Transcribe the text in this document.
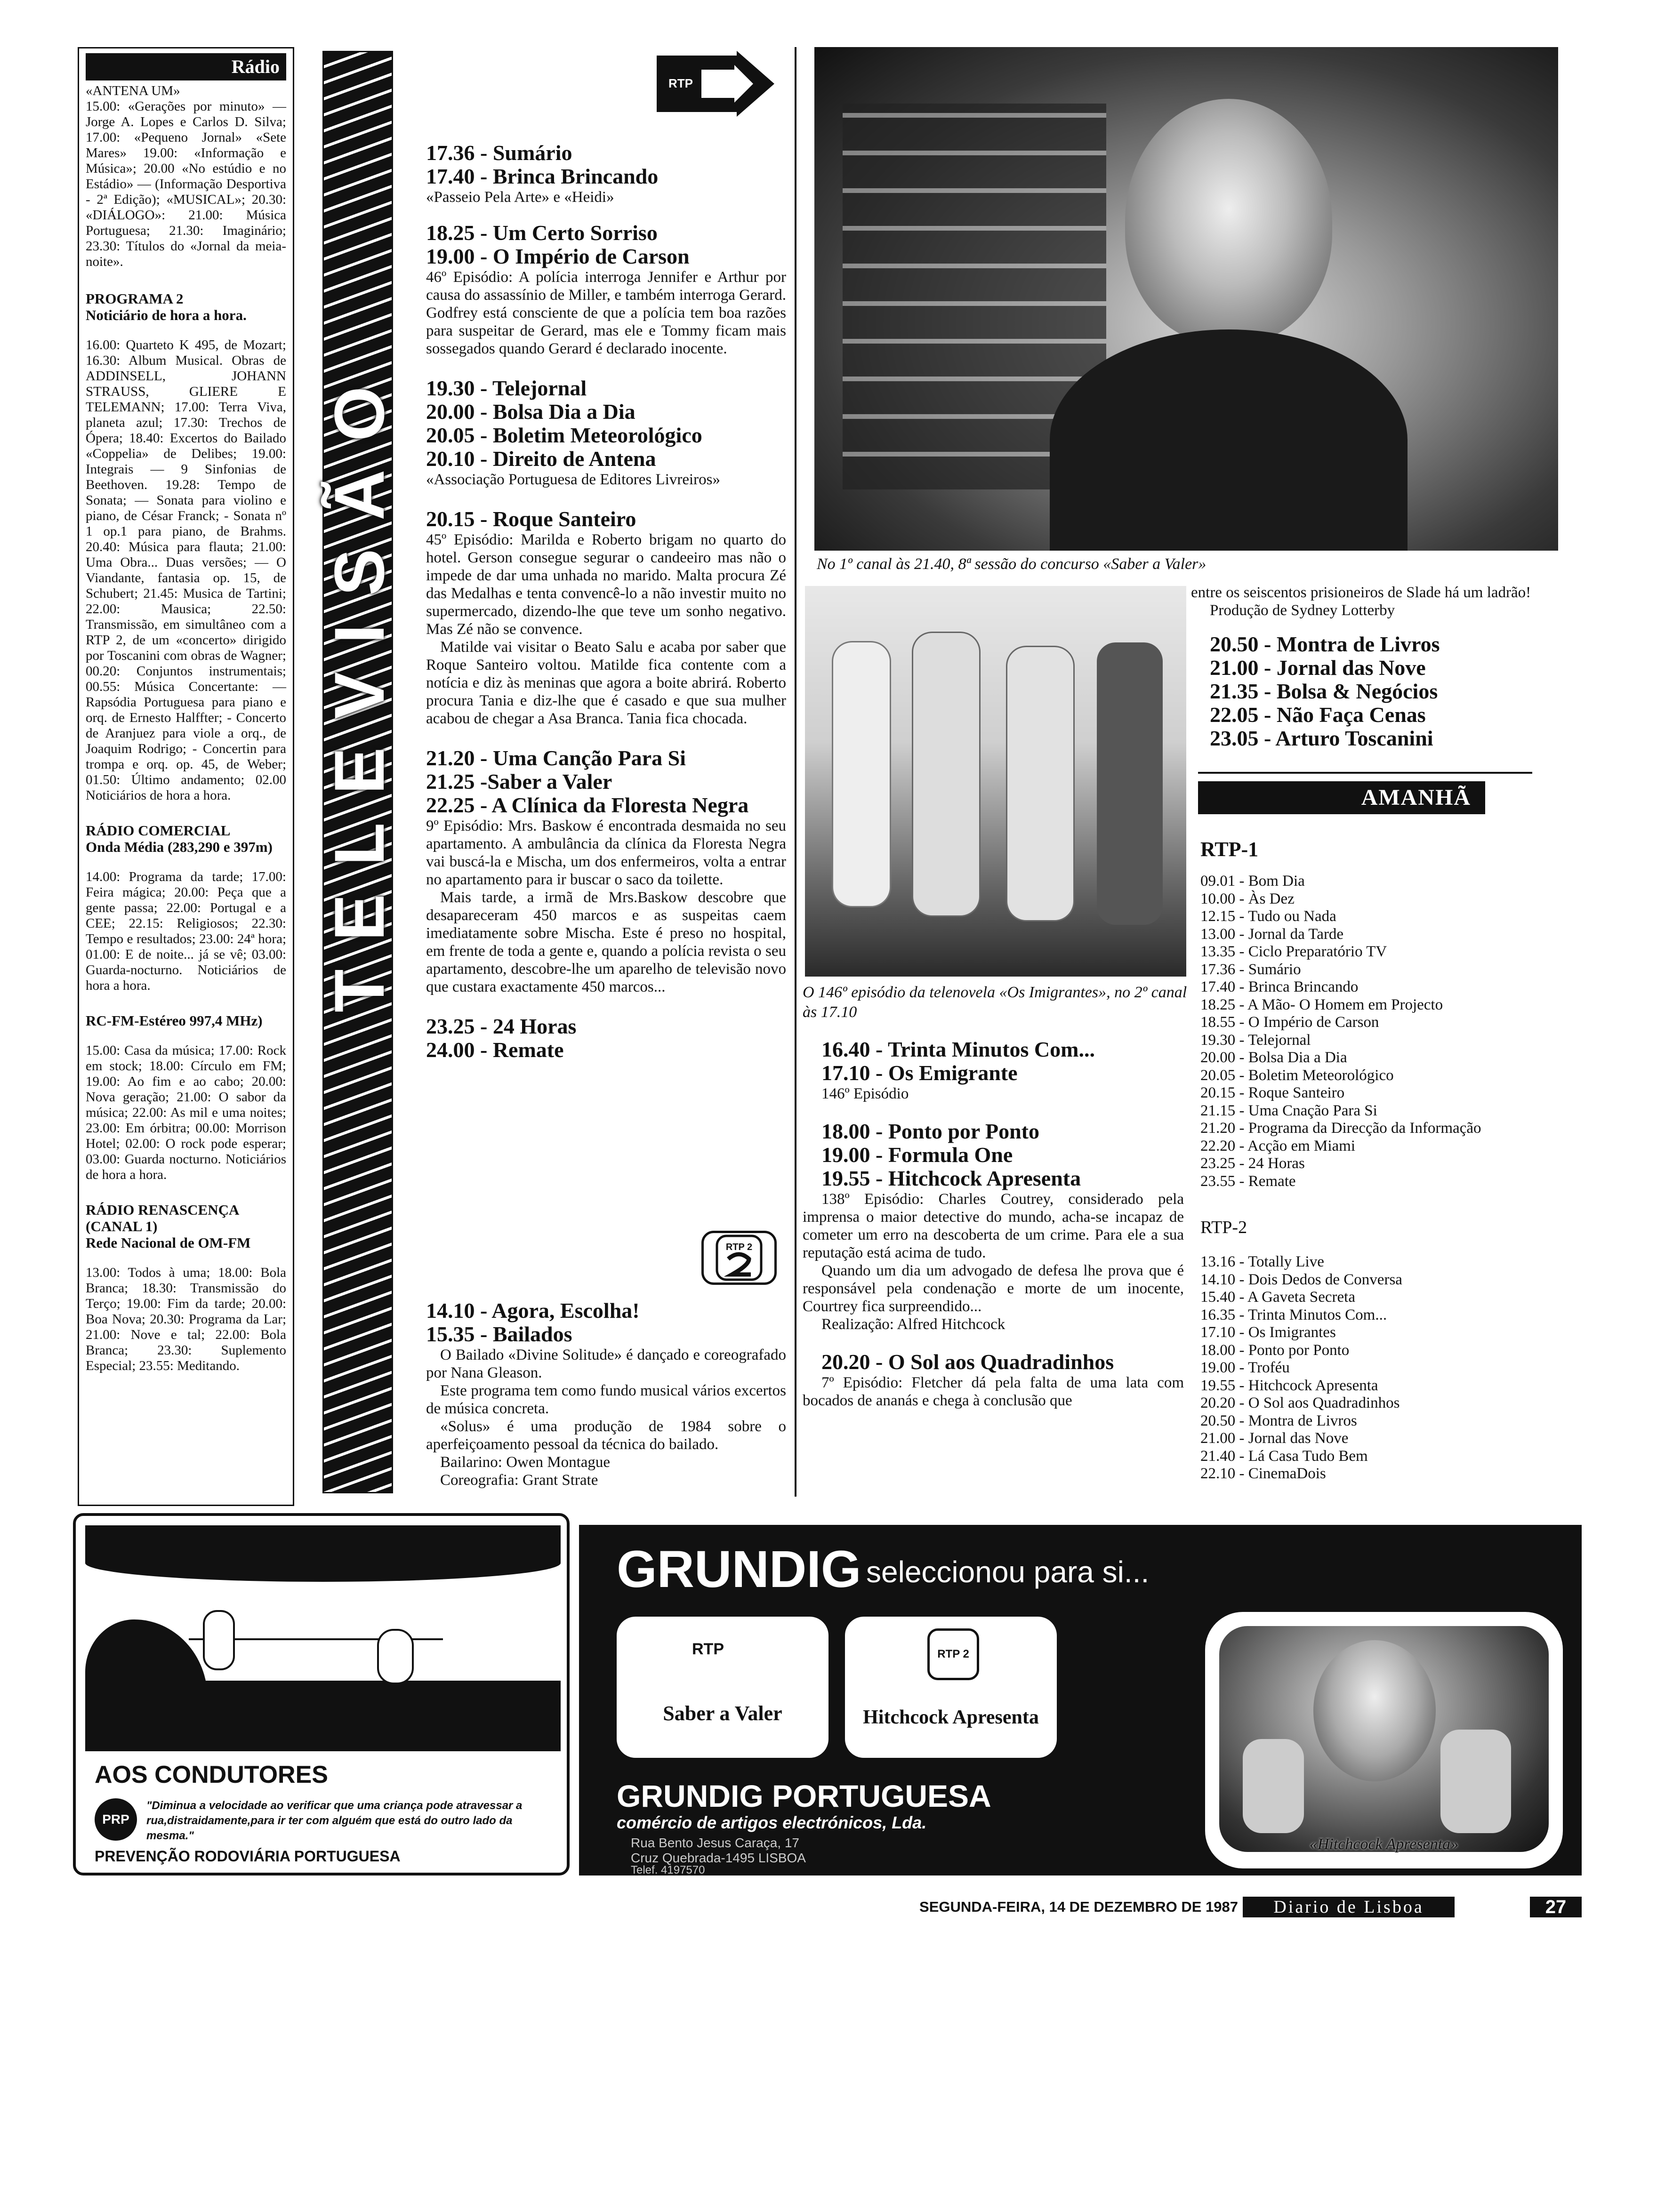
Rádio

«ANTENA UM»

15.00: «Gerações por minuto» — Jorge A. Lopes e Carlos D. Silva; 17.00: «Pequeno Jornal» «Sete Mares» 19.00: «Informação e Música»; 20.00 «No estúdio e no Estádio» — (Informação Desportiva - 2ª Edição); «MUSICAL»; 20.30: «DIÁLOGO»: 21.00: Música Portuguesa; 21.30: Imaginário; 23.30: Títulos do «Jornal da meia-noite».

PROGRAMA 2

Noticiário de hora a hora.

16.00: Quarteto K 495, de Mozart; 16.30: Album Musical. Obras de ADDINSELL, JOHANN STRAUSS, GLIERE E TELEMANN; 17.00: Terra Viva, planeta azul; 17.30: Trechos de Ópera; 18.40: Excertos do Bailado «Coppelia» de Delibes; 19.00: Integrais — 9 Sinfonias de Beethoven. 19.28: Tempo de Sonata; — Sonata para violino e piano, de César Franck; - Sonata nº 1 op.1 para piano, de Brahms. 20.40: Música para flauta; 21.00: Uma Obra... Duas versões; — O Viandante, fantasia op. 15, de Schubert; 21.45: Musica de Tartini; 22.00: Mausica; 22.50: Transmissão, em simultâneo com a RTP 2, de um «concerto» dirigido por Toscanini com obras de Wagner; 00.20: Conjuntos instrumentais; 00.55: Música Concertante: — Rapsódia Portuguesa para piano e orq. de Ernesto Halffter; - Concerto de Aranjuez para viole a orq., de Joaquim Rodrigo; - Concertin para trompa e orq. op. 45, de Weber; 01.50: Último andamento; 02.00 Noticiários de hora a hora.

RÁDIO COMERCIAL

Onda Média (283,290 e 397m)

14.00: Programa da tarde; 17.00: Feira mágica; 20.00: Peça que a gente passa; 22.00: Portugal e a CEE; 22.15: Religiosos; 22.30: Tempo e resultados; 23.00: 24ª hora; 01.00: E de noite... já se vê; 03.00: Guarda-nocturno. Noticiários de hora a hora.

RC-FM-Estéreo 997,4 MHz)

15.00: Casa da música; 17.00: Rock em stock; 18.00: Círculo em FM; 19.00: Ao fim e ao cabo; 20.00: Nova geração; 21.00: O sabor da música; 22.00: As mil e uma noites; 23.00: Em órbitra; 00.00: Morrison Hotel; 02.00: O rock pode esperar; 03.00: Guarda nocturno. Noticiários de hora a hora.

RÁDIO RENASCENÇA (CANAL 1)

Rede Nacional de OM-FM

13.00: Todos à uma; 18.00: Bola Branca; 18.30: Transmissão do Terço; 19.00: Fim da tarde; 20.00: Boa Nova; 20.30: Programa da Lar; 21.00: Nove e tal; 22.00: Bola Branca; 23.30: Suplemento Especial; 23.55: Meditando.

TELEVISÃO
RTP
17.36 - Sumário
17.40 - Brinca Brincando

«Passeio Pela Arte» e «Heidi»

18.25 - Um Certo Sorriso
19.00 - O Império de Carson

46º Episódio: A polícia interroga Jennifer e Arthur por causa do assassínio de Miller, e também interroga Gerard. Godfrey está consciente de que a polícia tem boa razões para suspeitar de Gerard, mas ele e Tommy ficam mais sossegados quando Gerard é declarado inocente.

19.30 - Telejornal
20.00 - Bolsa Dia a Dia
20.05 - Boletim Meteorológico
20.10 - Direito de Antena

«Associação Portuguesa de Editores Livreiros»

20.15 - Roque Santeiro

45º Episódio: Marilda e Roberto brigam no quarto do hotel. Gerson consegue segurar o candeeiro mas não o impede de dar uma unhada no marido. Malta procura Zé das Medalhas e tenta convencê-lo a não investir muito no supermercado, dizendo-lhe que teve um sonho negativo. Mas Zé não se convence.

Matilde vai visitar o Beato Salu e acaba por saber que Roque Santeiro voltou. Matilde fica contente com a notícia e diz às meninas que agora a boite abrirá. Roberto procura Tania e diz-lhe que é casado e que sua mulher acabou de chegar a Asa Branca. Tania fica chocada.

21.20 - Uma Canção Para Si
21.25 -Saber a Valer
22.25 - A Clínica da Floresta Negra

9º Episódio: Mrs. Baskow é encontrada desmaida no seu apartamento. A ambulância da clínica da Floresta Negra vai buscá-la e Mischa, um dos enfermeiros, volta a entrar no apartamento para ir buscar o saco da toilette.

Mais tarde, a irmã de Mrs.Baskow descobre que desapareceram 450 marcos e as suspeitas caem imediatamente sobre Mischa. Este é preso no hospital, em frente de toda a gente e, quando a polícia revista o seu apartamento, descobre-lhe um aparelho de televisão novo que custara exactamente 450 marcos...

23.25 - 24 Horas
24.00 - Remate
RTP 2
14.10 - Agora, Escolha!
15.35 - Bailados

O Bailado «Divine Solitude» é dançado e coreografado por Nana Gleason.

Este programa tem como fundo musical vários excertos de música concreta.

«Solus» é uma produção de 1984 sobre o aperfeiçoamento pessoal da técnica do bailado.

Bailarino: Owen Montague

Coreografia: Grant Strate

No 1º canal às 21.40, 8ª sessão do concurso «Saber a Valer»

O 146º episódio da telenovela «Os Imigrantes», no 2º canal às 17.10

16.40 - Trinta Minutos Com...
17.10 - Os Emigrante

146º Episódio

18.00 - Ponto por Ponto
19.00 - Formula One
19.55 - Hitchcock Apresenta

138º Episódio: Charles Coutrey, considerado pela imprensa o maior detective do mundo, acha-se incapaz de cometer um erro na descoberta de um crime. Para ele a sua reputação está acima de tudo.

Quando um dia um advogado de defesa lhe prova que é responsável pela condenação e morte de um inocente, Courtrey fica surpreendido...

Realização: Alfred Hitchcock

20.20 - O Sol aos Quadradinhos

7º Episódio: Fletcher dá pela falta de uma lata com bocados de ananás e chega à conclusão que

entre os seiscentos prisioneiros de Slade há um ladrão!

Produção de Sydney Lotterby

20.50 - Montra de Livros
21.00 - Jornal das Nove
21.35 - Bolsa & Negócios
22.05 - Não Faça Cenas
23.05 - Arturo Toscanini
AMANHÃ
RTP-1
09.01 - Bom Dia
10.00 - Às Dez
12.15 - Tudo ou Nada
13.00 - Jornal da Tarde
13.35 - Ciclo Preparatório TV
17.36 - Sumário
17.40 - Brinca Brincando
18.25 - A Mão- O Homem em Projecto
18.55 - O Império de Carson
19.30 - Telejornal
20.00 - Bolsa Dia a Dia
20.05 - Boletim Meteorológico
20.15 - Roque Santeiro
21.15 - Uma Cnação Para Si
21.20 - Programa da Direcção da Informação
22.20 - Acção em Miami
23.25 - 24 Horas
23.55 - Remate
RTP-2
13.16 - Totally Live
14.10 - Dois Dedos de Conversa
15.40 - A Gaveta Secreta
16.35 - Trinta Minutos Com...
17.10 - Os Imigrantes
18.00 - Ponto por Ponto
19.00 - Troféu
19.55 - Hitchcock Apresenta
20.20 - O Sol aos Quadradinhos
20.50 - Montra de Livros
21.00 - Jornal das Nove
21.40 - Lá Casa Tudo Bem
22.10 - CinemaDois
AOS CONDUTORES
PRP
"Diminua a velocidade ao verificar que uma criança pode atravessar a rua,distraidamente,para ir ter com alguém que está do outro lado da mesma."
PREVENÇÃO RODOVIÁRIA PORTUGUESA
GRUNDIG seleccionou para si...
RTP
Saber a Valer
RTP 2
Hitchcock Apresenta
GRUNDIG PORTUGUESA
comércio de artigos electrónicos, Lda.
Rua Bento Jesus Caraça, 17
Cruz Quebrada-1495 LISBOA
Telef. 4197570
«Hitchcock Apresenta»
SEGUNDA-FEIRA, 14 DE DEZEMBRO DE 1987	Diario de Lisboa	27
